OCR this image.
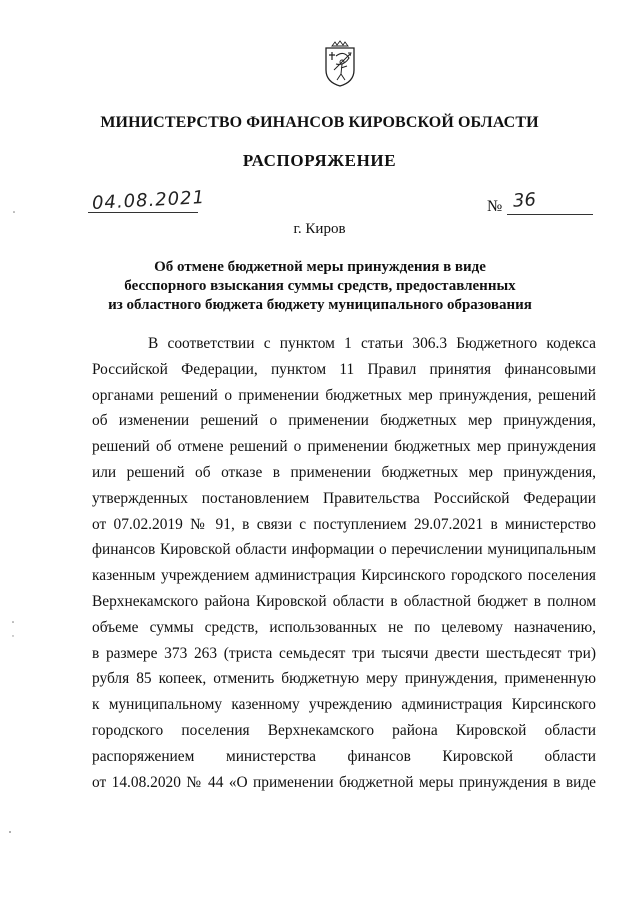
МИНИСТЕРСТВО ФИНАНСОВ КИРОВСКОЙ ОБЛАСТИ
РАСПОРЯЖЕНИЕ
04.08.2021	№ 36
г. Киров
Об отмене бюджетной меры принуждения в виде
бесспорного взыскания суммы средств, предоставленных
из областного бюджета бюджету муниципального образования
В соответствии с пунктом 1 статьи 306.3 Бюджетного кодекса
Российской Федерации, пунктом 11 Правил принятия финансовыми
органами решений о применении бюджетных мер принуждения, решений
об изменении решений о применении бюджетных мер принуждения,
решений об отмене решений о применении бюджетных мер принуждения
или решений об отказе в применении бюджетных мер принуждения,
утвержденных постановлением Правительства Российской Федерации
от 07.02.2019 № 91, в связи с поступлением 29.07.2021 в министерство
финансов Кировской области информации о перечислении муниципальным
казенным учреждением администрация Кирсинского городского поселения
Верхнекамского района Кировской области в областной бюджет в полном
объеме суммы средств, использованных не по целевому назначению,
в размере 373 263 (триста семьдесят три тысячи двести шестьдесят три)
рубля 85 копеек, отменить бюджетную меру принуждения, примененную
к муниципальному казенному учреждению администрация Кирсинского
городского поселения Верхнекамского района Кировской области
распоряжением министерства финансов Кировской области
от 14.08.2020 № 44 «О применении бюджетной меры принуждения в виде
